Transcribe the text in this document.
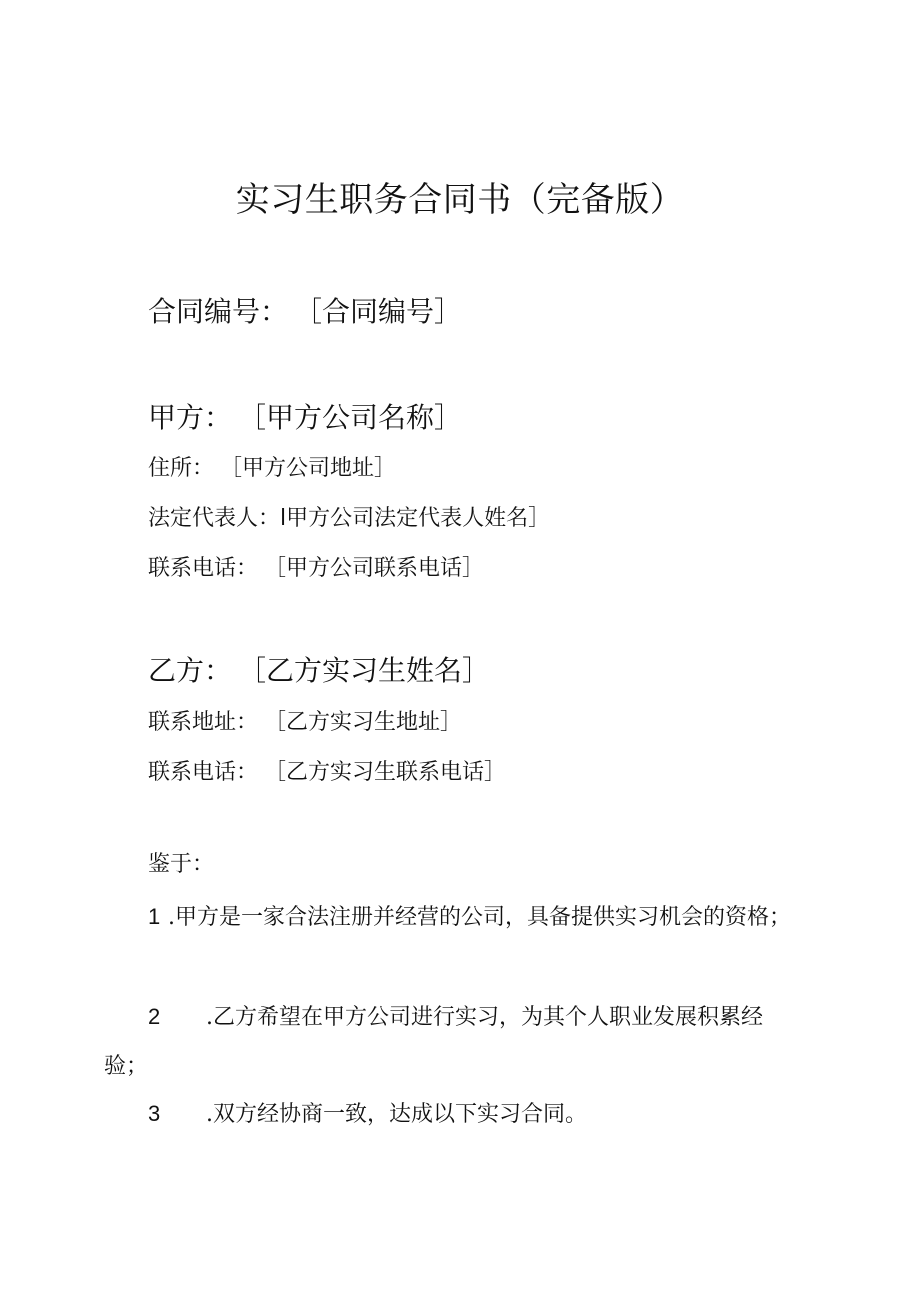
实习生职务合同书（完备版）
合同编号： ［合同编号］
甲方： ［甲方公司名称］
住所： ［甲方公司地址］
法定代表人：l甲方公司法定代表人姓名］
联系电话： ［甲方公司联系电话］
乙方： ［乙方实习生姓名］
联系地址： ［乙方实习生地址］
联系电话： ［乙方实习生联系电话］
鉴于：
1 .甲方是一家合法注册并经营的公司，具备提供实习机会的资格；
2 .乙方希望在甲方公司进行实习，为其个人职业发展积累经验；
3 .双方经协商一致，达成以下实习合同。
